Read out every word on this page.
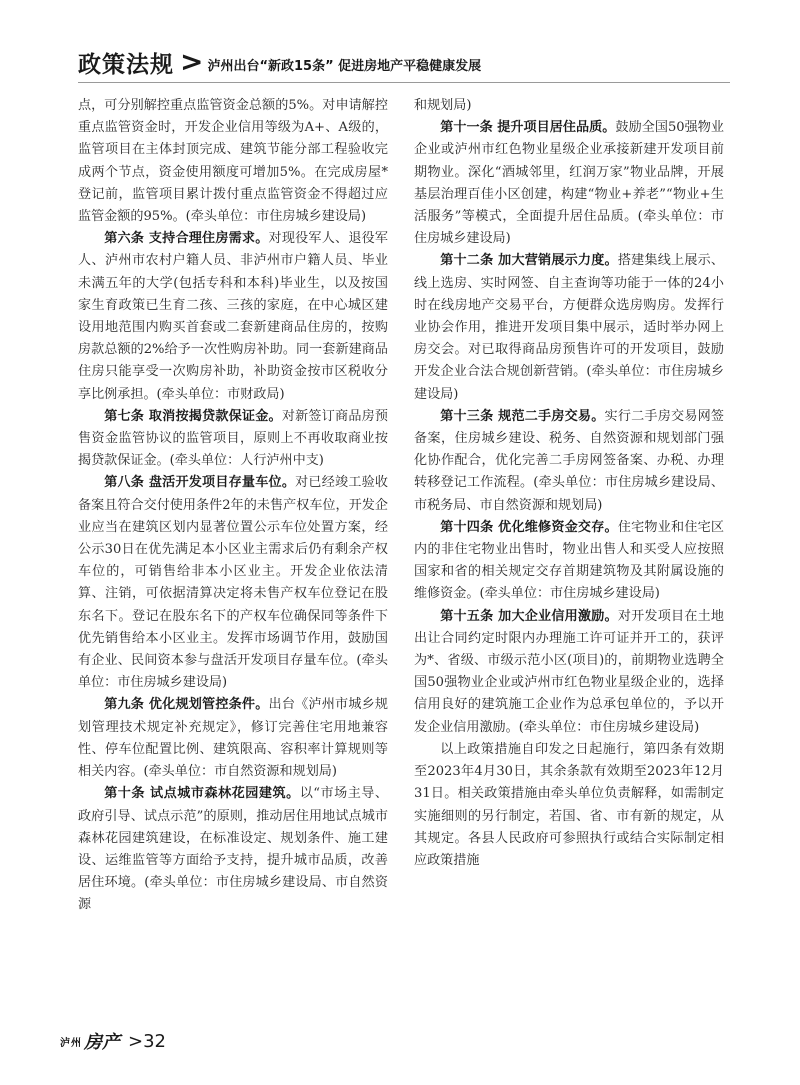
政策法规 > 泸州出台“新政15条” 促进房地产平稳健康发展

点，可分别解控重点监管资金总额的5%。对申请解控重点监管资金时，开发企业信用等级为A+、A级的，监管项目在主体封顶完成、建筑节能分部工程验收完成两个节点，资金使用额度可增加5%。在完成房屋*登记前，监管项目累计拨付重点监管资金不得超过应监管金额的95%。(牵头单位：市住房城乡建设局)

第六条 支持合理住房需求。对现役军人、退役军人、泸州市农村户籍人员、非泸州市户籍人员、毕业未满五年的大学(包括专科和本科)毕业生，以及按国家生育政策已生育二孩、三孩的家庭，在中心城区建设用地范围内购买首套或二套新建商品住房的，按购房款总额的2%给予一次性购房补助。同一套新建商品住房只能享受一次购房补助，补助资金按市区税收分享比例承担。(牵头单位：市财政局)

第七条 取消按揭贷款保证金。对新签订商品房预售资金监管协议的监管项目，原则上不再收取商业按揭贷款保证金。(牵头单位：人行泸州中支)

第八条 盘活开发项目存量车位。对已经竣工验收备案且符合交付使用条件2年的未售产权车位，开发企业应当在建筑区划内显著位置公示车位处置方案，经公示30日在优先满足本小区业主需求后仍有剩余产权车位的，可销售给非本小区业主。开发企业依法清算、注销，可依据清算决定将未售产权车位登记在股东名下。登记在股东名下的产权车位确保同等条件下优先销售给本小区业主。发挥市场调节作用，鼓励国有企业、民间资本参与盘活开发项目存量车位。(牵头单位：市住房城乡建设局)

第九条 优化规划管控条件。出台《泸州市城乡规划管理技术规定补充规定》，修订完善住宅用地兼容性、停车位配置比例、建筑限高、容积率计算规则等相关内容。(牵头单位：市自然资源和规划局)

第十条 试点城市森林花园建筑。以“市场主导、政府引导、试点示范”的原则，推动居住用地试点城市森林花园建筑建设，在标准设定、规划条件、施工建设、运维监管等方面给予支持，提升城市品质，改善居住环境。(牵头单位：市住房城乡建设局、市自然资源

和规划局)

第十一条 提升项目居住品质。鼓励全国50强物业企业或泸州市红色物业星级企业承接新建开发项目前期物业。深化“酒城邻里，红润万家”物业品牌，开展基层治理百佳小区创建，构建“物业+养老”“物业+生活服务”等模式，全面提升居住品质。(牵头单位：市住房城乡建设局)

第十二条 加大营销展示力度。搭建集线上展示、线上选房、实时网签、自主查询等功能于一体的24小时在线房地产交易平台，方便群众选房购房。发挥行业协会作用，推进开发项目集中展示，适时举办网上房交会。对已取得商品房预售许可的开发项目，鼓励开发企业合法合规创新营销。(牵头单位：市住房城乡建设局)

第十三条 规范二手房交易。实行二手房交易网签备案，住房城乡建设、税务、自然资源和规划部门强化协作配合，优化完善二手房网签备案、办税、办理转移登记工作流程。(牵头单位：市住房城乡建设局、市税务局、市自然资源和规划局)

第十四条 优化维修资金交存。住宅物业和住宅区内的非住宅物业出售时，物业出售人和买受人应按照国家和省的相关规定交存首期建筑物及其附属设施的维修资金。(牵头单位：市住房城乡建设局)

第十五条 加大企业信用激励。对开发项目在土地出让合同约定时限内办理施工许可证并开工的，获评为*、省级、市级示范小区(项目)的，前期物业选聘全国50强物业企业或泸州市红色物业星级企业的，选择信用良好的建筑施工企业作为总承包单位的，予以开发企业信用激励。(牵头单位：市住房城乡建设局)

以上政策措施自印发之日起施行，第四条有效期至2023年4月30日，其余条款有效期至2023年12月31日。相关政策措施由牵头单位负责解释，如需制定实施细则的另行制定，若国、省、市有新的规定，从其规定。各县人民政府可参照执行或结合实际制定相应政策措施

泸州 房产 >32
